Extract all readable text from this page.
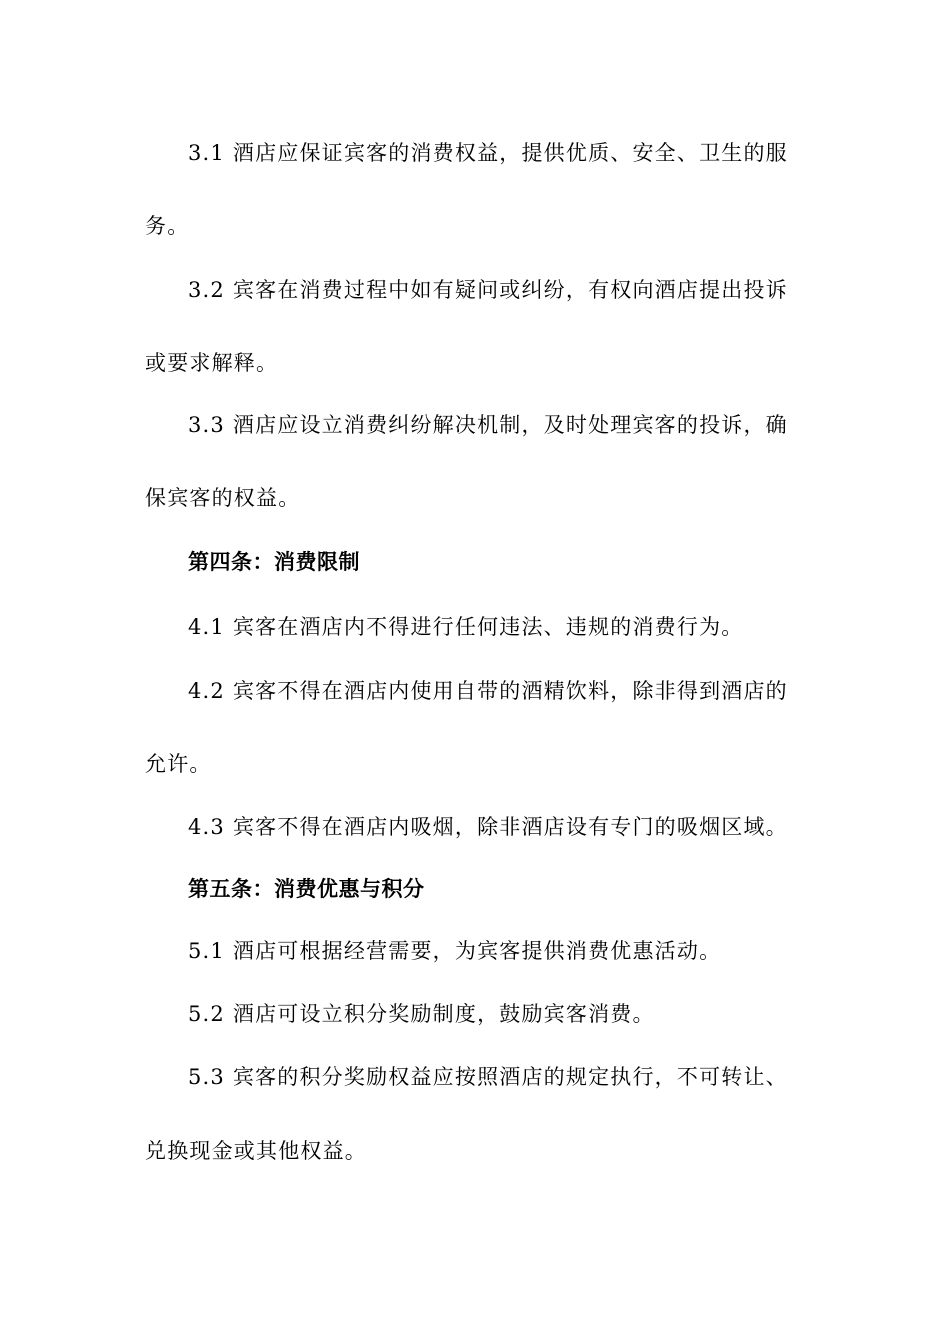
3.1 酒店应保证宾客的消费权益，提供优质、安全、卫生的服
务。
3.2 宾客在消费过程中如有疑问或纠纷，有权向酒店提出投诉
或要求解释。
3.3 酒店应设立消费纠纷解决机制，及时处理宾客的投诉，确
保宾客的权益。
第四条：消费限制
4.1 宾客在酒店内不得进行任何违法、违规的消费行为。
4.2 宾客不得在酒店内使用自带的酒精饮料，除非得到酒店的
允许。
4.3 宾客不得在酒店内吸烟，除非酒店设有专门的吸烟区域。
第五条：消费优惠与积分
5.1 酒店可根据经营需要，为宾客提供消费优惠活动。
5.2 酒店可设立积分奖励制度，鼓励宾客消费。
5.3 宾客的积分奖励权益应按照酒店的规定执行，不可转让、
兑换现金或其他权益。
